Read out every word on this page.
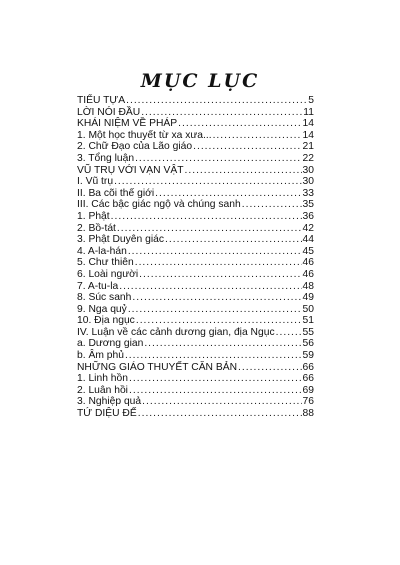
MỤC LỤC
TIỂU TỰA .....	5
LỜI NÓI ĐẦU .....	11
KHÁI NIỆM VỀ PHÁP .....	14
1. Một học thuyết từ xa xưa... .....	14
2. Chữ Đạo của Lão giáo .....	21
3. Tổng luận .....	22
VŨ TRỤ VỚI VẠN VẬT .....	30
I. Vũ trụ .....	30
II. Ba cõi thế giới .....	33
III. Các bậc giác ngộ và chúng sanh .....	35
1. Phật .....	36
2. Bồ-tát .....	42
3. Phật Duyên giác .....	44
4. A-la-hán .....	45
5. Chư thiên .....	46
6. Loài người .....	46
7. A-tu-la .....	48
8. Súc sanh .....	49
9. Nga quỷ .....	50
10. Địa ngục .....	51
IV. Luận về các cảnh dương gian, địa Ngục .....	55
a. Dương gian .....	56
b. Âm phủ .....	59
NHỮNG GIÁO THUYẾT CĂN BẢN .....	66
1. Linh hồn .....	66
2. Luân hồi .....	69
3. Nghiệp quả .....	76
TỨ DIỆU ĐẾ .....	88
